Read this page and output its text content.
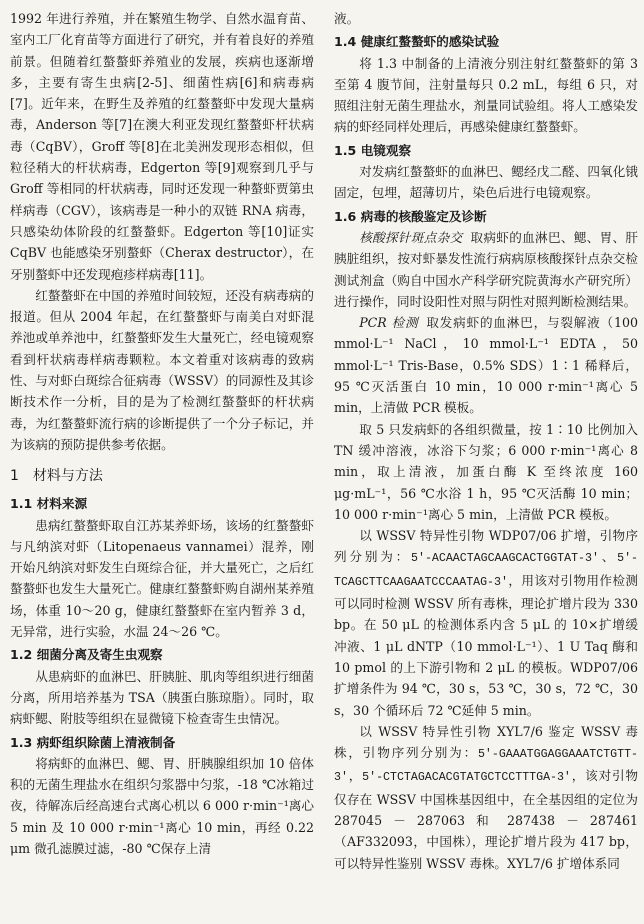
1992 年进行养殖，并在繁殖生物学、自然水温育苗、室内工厂化育苗等方面进行了研究，并有着良好的养殖前景。但随着红螯螯虾养殖业的发展，疾病也逐渐增多，主要有寄生虫病[2-5]、细菌性病[6]和病毒病[7]。近年来，在野生及养殖的红螯螯虾中发现大量病毒，Anderson 等[7]在澳大利亚发现红螯螯虾杆状病毒（CqBV），Groff 等[8]在北美洲发现形态相似，但粒径稍大的杆状病毒，Edgerton 等[9]观察到几乎与 Groff 等相同的杆状病毒，同时还发现一种螯虾贾第虫样病毒（CGV），该病毒是一种小的双链 RNA 病毒，只感染幼体阶段的红螯螯虾。Edgerton 等[10]证实 CqBV 也能感染牙别螯虾（Cherax destructor），在牙别螯虾中还发现疱疹样病毒[11]。

红螯螯虾在中国的养殖时间较短，还没有病毒病的报道。但从 2004 年起，在红螯螯虾与南美白对虾混养池或单养池中，红螯螯虾发生大量死亡，经电镜观察看到杆状病毒样病毒颗粒。本文着重对该病毒的致病性、与对虾白斑综合征病毒（WSSV）的同源性及其诊断技术作一分析，目的是为了检测红螯螯虾的杆状病毒，为红螯螯虾流行病的诊断提供了一个分子标记，并为该病的预防提供参考依据。

1　材料与方法
1.1 材料来源

患病红螯螯虾取自江苏某养虾场，该场的红螯螯虾与凡纳滨对虾（Litopenaeus vannamei）混养，刚开始凡纳滨对虾发生白斑综合征，并大量死亡，之后红螯螯虾也发生大量死亡。健康红螯螯虾购自湖州某养殖场，体重 10～20 g，健康红螯螯虾在室内暂养 3 d，无异常，进行实验，水温 24～26 ℃。

1.2 细菌分离及寄生虫观察

从患病虾的血淋巴、肝胰脏、肌肉等组织进行细菌分离，所用培养基为 TSA（胰蛋白胨琼脂）。同时，取病虾鳃、附肢等组织在显微镜下检查寄生虫情况。

1.3 病虾组织除菌上清液制备

将病虾的血淋巴、鳃、胃、肝胰腺组织加 10 倍体积的无菌生理盐水在组织匀浆器中匀浆，-18 ℃冰箱过夜，待解冻后经高速台式离心机以 6 000 r·min⁻¹离心 5 min 及 10 000 r·min⁻¹离心 10 min，再经 0.22 μm 微孔滤膜过滤，-80 ℃保存上清

液。

1.4 健康红螯螯虾的感染试验

将 1.3 中制备的上清液分别注射红螯螯虾的第 3 至第 4 腹节间，注射量每只 0.2 mL，每组 6 只，对照组注射无菌生理盐水，剂量同试验组。将人工感染发病的虾经同样处理后，再感染健康红螯螯虾。

1.5 电镜观察

对发病红螯螯虾的血淋巴、鳃经戊二醛、四氧化锇固定，包埋，超薄切片，染色后进行电镜观察。

1.6 病毒的核酸鉴定及诊断

核酸探针斑点杂交 取病虾的血淋巴、鳃、胃、肝胰脏组织，按对虾暴发性流行病病原核酸探针点杂交检测试剂盒（购自中国水产科学研究院黄海水产研究所）进行操作，同时设阳性对照与阴性对照判断检测结果。

PCR 检测 取发病虾的血淋巴，与裂解液（100 mmol·L⁻¹ NaCl，10 mmol·L⁻¹ EDTA，50 mmol·L⁻¹ Tris-Base，0.5% SDS）1∶1 稀释后，95 ℃灭活蛋白 10 min，10 000 r·min⁻¹离心 5 min，上清做 PCR 模板。

取 5 只发病虾的各组织微量，按 1∶10 比例加入 TN 缓冲溶液，冰浴下匀浆；6 000 r·min⁻¹离心 8 min，取上清液，加蛋白酶 K 至终浓度 160 μg·mL⁻¹，56 ℃水浴 1 h，95 ℃灭活酶 10 min；10 000 r·min⁻¹离心 5 min，上清做 PCR 模板。

以 WSSV 特异性引物 WDP07/06 扩增，引物序列分别为：5'-ACAACTAGCAAGCACTGGTAT-3'、5'-TCAGCTTCAAGAATCCCAATAG-3'，用该对引物用作检测可以同时检测 WSSV 所有毒株，理论扩增片段为 330 bp。在 50 μL 的检测体系内含 5 μL 的 10×扩增缓冲液、1 μL dNTP（10 mmol·L⁻¹）、1 U Taq 酶和 10 pmol 的上下游引物和 2 μL 的模板。WDP07/06 扩增条件为 94 ℃，30 s，53 ℃，30 s，72 ℃，30 s，30 个循环后 72 ℃延伸 5 min。

以 WSSV 特异性引物 XYL7/6 鉴定 WSSV 毒株，引物序列分别为：5'-GAAATGGAGGAAATCTGTT-3'，5'-CTCTAGACACGTATGCTCCTTTGA-3'，该对引物仅存在 WSSV 中国株基因组中，在全基因组的定位为 287045 － 287063 和 287438 － 287461（AF332093，中国株），理论扩增片段为 417 bp，可以特异性鉴别 WSSV 毒株。XYL7/6 扩增体系同
